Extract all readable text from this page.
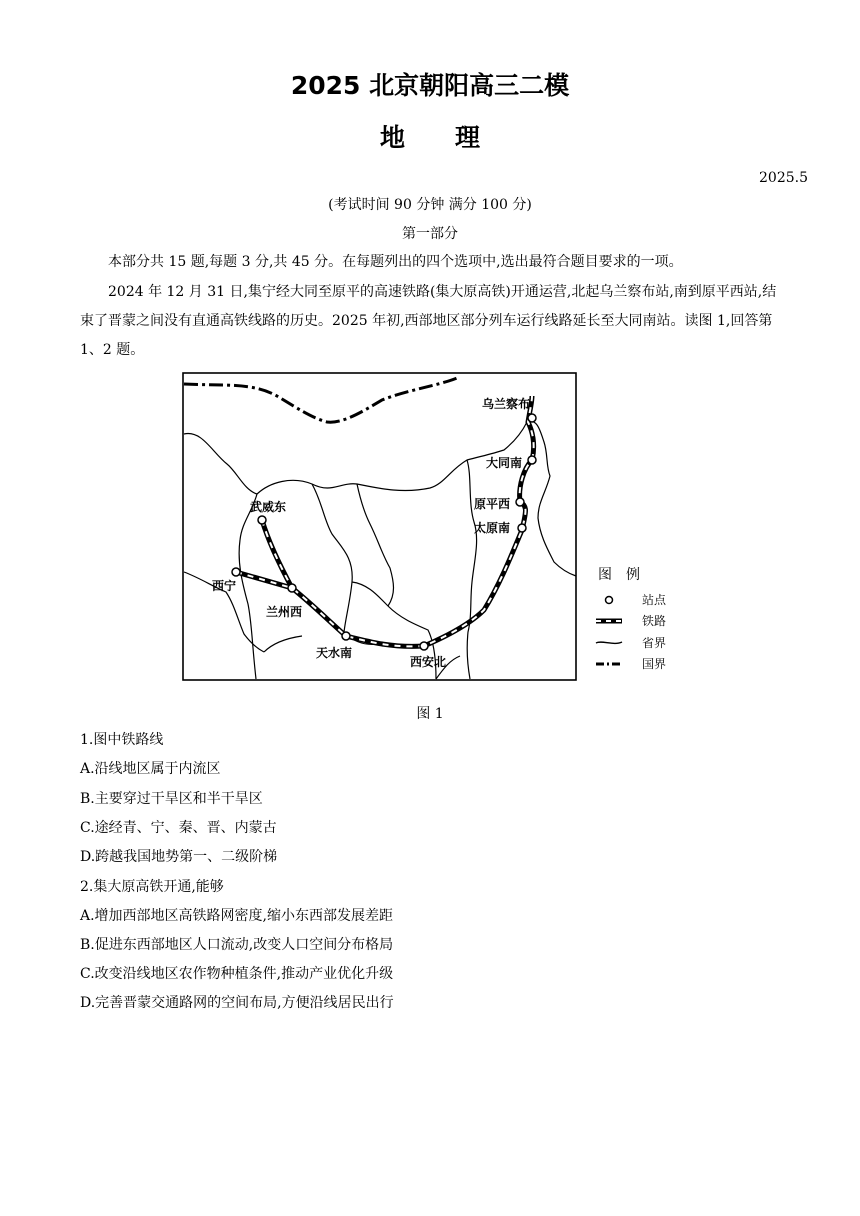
2025 北京朝阳高三二模
地理
2025.5
(考试时间 90 分钟 满分 100 分)
第一部分
本部分共 15 题,每题 3 分,共 45 分。在每题列出的四个选项中,选出最符合题目要求的一项。
2024 年 12 月 31 日,集宁经大同至原平的高速铁路(集大原高铁)开通运营,北起乌兰察布站,南到原平西站,结束了晋蒙之间没有直通高铁线路的历史。2025 年初,西部地区部分列车运行线路延长至大同南站。读图 1,回答第 1、2 题。
乌兰察布
大同南
原平西
太原南
武威东
西宁
兰州西
天水南
西安北
图例
站点
铁路
省界
国界
图 1
1.图中铁路线
A.沿线地区属于内流区
B.主要穿过干旱区和半干旱区
C.途经青、宁、秦、晋、内蒙古
D.跨越我国地势第一、二级阶梯
2.集大原高铁开通,能够
A.增加西部地区高铁路网密度,缩小东西部发展差距
B.促进东西部地区人口流动,改变人口空间分布格局
C.改变沿线地区农作物种植条件,推动产业优化升级
D.完善晋蒙交通路网的空间布局,方便沿线居民出行
